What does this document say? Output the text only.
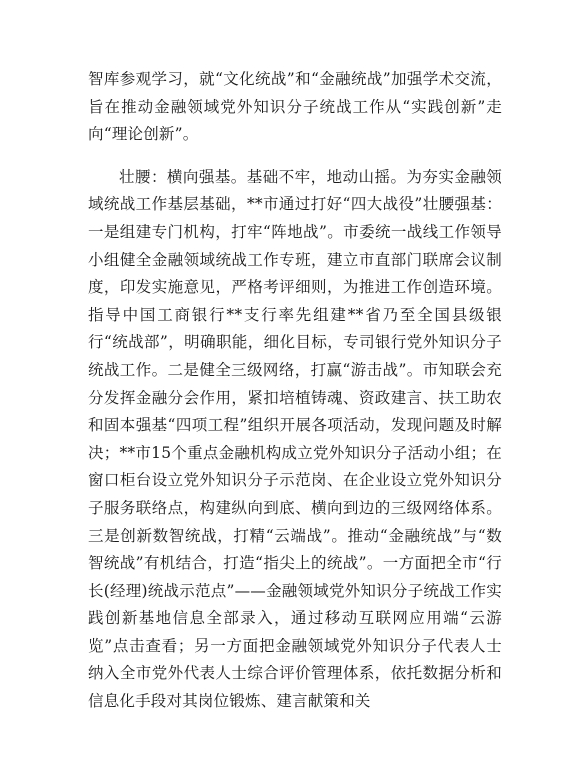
智库参观学习，就“文化统战”和“金融统战”加强学术交流，旨在推动金融领域党外知识分子统战工作从“实践创新”走向“理论创新”。

壮腰：横向强基。基础不牢，地动山摇。为夯实金融领域统战工作基层基础，**市通过打好“四大战役”壮腰强基：一是组建专门机构，打牢“阵地战”。市委统一战线工作领导小组健全金融领域统战工作专班，建立市直部门联席会议制度，印发实施意见，严格考评细则，为推进工作创造环境。指导中国工商银行**支行率先组建**省乃至全国县级银行“统战部”，明确职能，细化目标，专司银行党外知识分子统战工作。二是健全三级网络，打赢“游击战”。市知联会充分发挥金融分会作用，紧扣培植铸魂、资政建言、扶工助农和固本强基“四项工程”组织开展各项活动，发现问题及时解决；**市15个重点金融机构成立党外知识分子活动小组；在窗口柜台设立党外知识分子示范岗、在企业设立党外知识分子服务联络点，构建纵向到底、横向到边的三级网络体系。三是创新数智统战，打精“云端战”。推动“金融统战”与“数智统战”有机结合，打造“指尖上的统战”。一方面把全市“行长(经理)统战示范点”——金融领域党外知识分子统战工作实践创新基地信息全部录入，通过移动互联网应用端“云游览”点击查看；另一方面把金融领域党外知识分子代表人士纳入全市党外代表人士综合评价管理体系，依托数据分析和信息化手段对其岗位锻炼、建言献策和关
